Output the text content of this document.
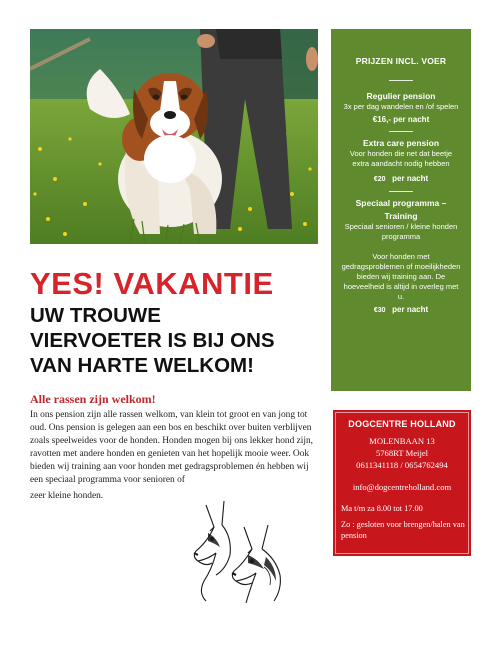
PRIJZEN INCL. VOER
Regulier pension
3x per dag wandelen en /of spelen
€16,- per nacht
Extra care pension
Voor honden die net dat beetje extra aandacht nodig hebben
€20 per nacht
Speciaal programma –
Training
Speciaal senioren / kleine honden programma
Voor honden met gedragsproblemen of moeilijkheden bieden wij training aan. De hoeveelheid is altijd in overleg met u.
€30 per nacht
YES! VAKANTIE
UW TROUWE
VIERVOETER IS BIJ ONS
VAN HARTE WELKOM!
Alle rassen zijn welkom!
In ons pension zijn alle rassen welkom, van klein tot groot en van jong tot oud. Ons pension is gelegen aan een bos en beschikt over buiten verblijven zoals speelweides voor de honden. Honden mogen bij ons lekker hond zijn, ravotten met andere honden en genieten van het hopelijk mooie weer. Ook bieden wij training aan voor honden met gedragsproblemen én hebben wij een speciaal programma voor senioren of
zeer kleine honden.
DOGCENTRE HOLLAND
MOLENBAAN 13
5768RT Meijel
0611341118 / 0654762494
info@dogcentreholland.com
Ma t/m za 8.00 tot 17.00
Zo : gesloten voor brengen/halen van pension
